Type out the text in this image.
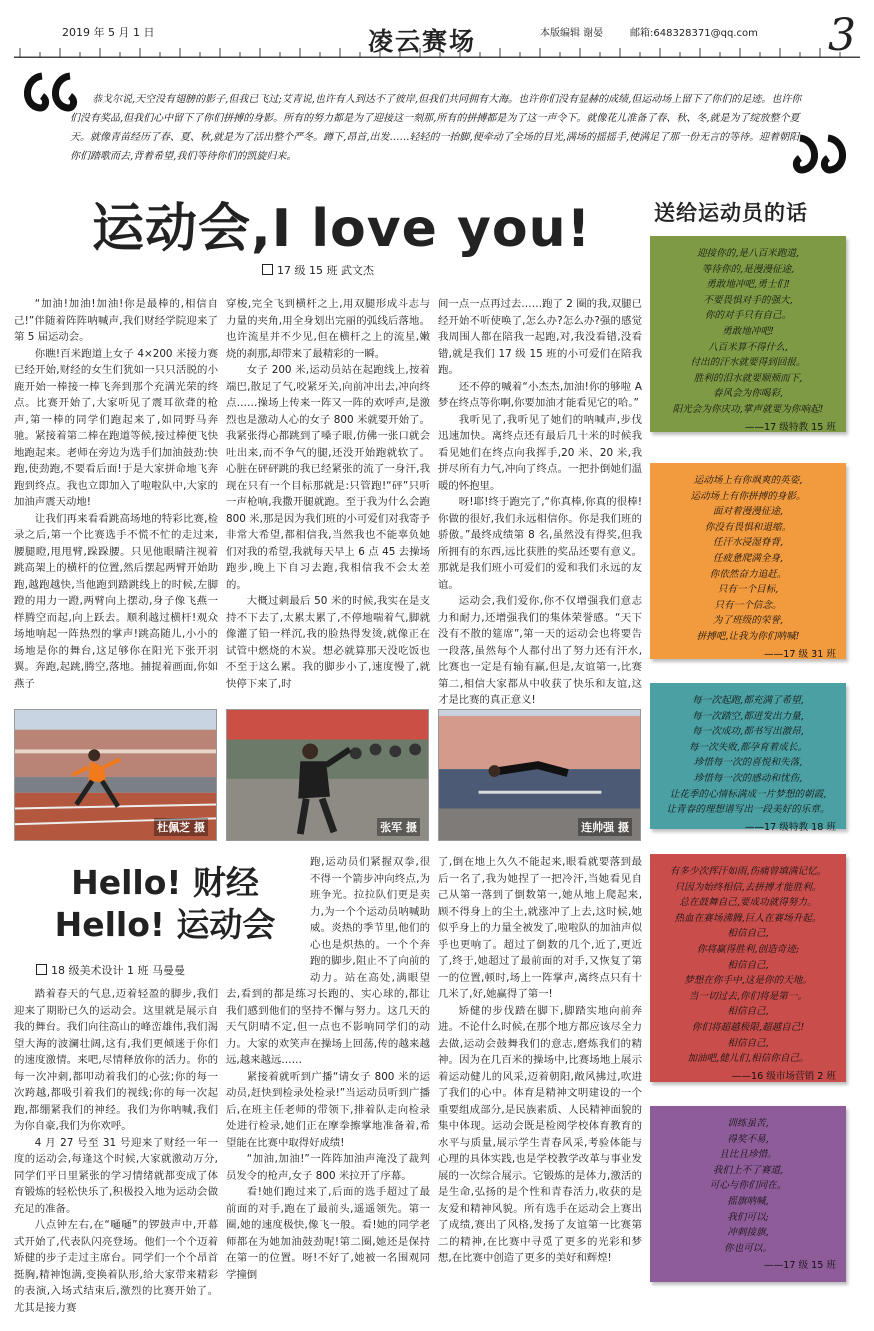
2019 年 5 月 1 日	凌云赛场	本版编辑 谢晏	邮箱:648328371@qq.com 3
恭戈尔说,天空没有翅膀的影子,但我已飞过;艾青说,也许有人到达不了彼岸,但我们共同拥有大海。也许你们没有显赫的成绩,但运动场上留下了你们的足迹。也许你们没有奖品,但我们心中留下了你们拼搏的身影。所有的努力都是为了迎接这一刻那,所有的拼搏都是为了这一声令下。就像花儿准备了春、秋、冬,就是为了绽放整个夏天。就像青苗经历了春、夏、秋,就是为了活出整个严冬。蹲下,昂首,出发……轻轻的一抬脚,便牵动了全场的目光,满场的摇摇手,使满足了那一份无言的等待。迎着朝阳,你们踏歌而去,背着希望,我们等待你们的凯旋归来。
运动会,I love you!
17 级 15 班 武文杰

“加油!加油!加油!你是最棒的,相信自己!”伴随着阵阵呐喊声,我们财经学院迎来了第 5 届运动会。

你瞧!百米跑道上女子 4×200 米接力赛已经开始,财经的女生们犹如一只只活脱的小鹿开始一棒接一棒飞奔到那个充满光荣的终点。比赛开始了,大家听见了震耳欲聋的枪声,第一棒的同学们跑起来了,如同野马奔驰。紧接着第二棒在跑道等候,接过棒便飞快地跑起来。老师在旁边为选手们加油鼓劲:快跑,使劲跑,不要看后面!于是大家拼命地飞奔跑到终点。我也立即加入了啦啦队中,大家的加油声震天动地!

让我们再来看看跳高场地的特彩比赛,检录之后,第一个比赛选手不慌不忙的走过来,腰腿瞪,甩甩臂,跺跺腰。只见他眼睛注视着跳高架上的横杆的位置,然后摆起两臂开始助跑,越跑越快,当他跑到踏跳线上的时候,左脚蹬的用力一蹬,两臂向上摆动,身子像飞燕一样腾空而起,向上跃去。顺利越过横杆!观众场地响起一阵热烈的掌声!跳高随儿,小小的场地是你的舞台,这足够你在阳光下张开羽翼。奔跑,起跳,腾空,落地。捕捉着画面,你如燕子

穿梭,完全飞到横杆之上,用双腿形成斗志与力量的夹角,用全身划出完丽的弧线后落地。也许流星并不少见,但在横杆之上的流星,嫩烧的刹那,却带来了最精彩的一瞬。

女子 200 米,运动员站在起跑线上,按着端巴,散足了气,咬紧牙关,向前冲出去,冲向终点……操场上传来一阵又一阵的欢呼声,是激烈也是激动人心的女子 800 米就要开始了。我紧张得心都跳到了嗓子眼,仿佛一张口就会吐出来,而不争气的腿,还没开始跑就软了。心脏在砰砰跳的我已经紧张的流了一身汗,我现在只有一个目标那就是:只管跑!“砰”只听一声枪响,我撒开腿就跑。至于我为什么会跑 800 米,那是因为我们班的小可爱们对我寄予非常大希望,都相信我,当然我也不能辜负她们对我的希望,我就每天早上 6 点 45 去操场跑步,晚上下自习去跑,我相信我不会太差的。

大概过刺最后 50 米的时候,我实在是支持不下去了,太累太累了,不停地喘着气,脚就像灌了铅一样沉,我的脸热得发烫,就像正在试管中燃烧的木炭。想必就算那天没吃饭也不至于这么累。我的脚步小了,速度慢了,就快停下来了,时

间一点一点再过去……跑了 2 圈的我,双腿已经开始不听使唤了,怎么办?怎么办?强的感觉我周围人都在陪我一起跑,对,我没看错,没看错,就是我们 17 级 15 班的小可爱们在陪我跑。

还不停的喊着“小杰杰,加油!你的够啦 A 梦在终点等你啊,你要加油才能看见它的哈。”

我听见了,我听见了她们的呐喊声,步伐迅速加快。离终点还有最后几十米的时候我看见她们在终点向我挥手,20 米、20 米,我拼尽所有力气,冲向了终点。一把扑倒她们温暖的怀抱里。

呀!耶!终于跑完了,“你真棒,你真的很棒!你做的很好,我们永远相信你。你是我们班的骄傲。”最终成绩第 8 名,虽然没有得奖,但我所拥有的东西,远比获胜的奖品还要有意义。那就是我们班小可爱们的爱和我们永远的友谊。

运动会,我们爱你,你不仅增强我们意志力和耐力,还增强我们的集体荣誉感。“天下没有不散的筵席”,第一天的运动会也将要告一段落,虽然每个人都付出了努力还有汗水,比赛也一定是有输有赢,但是,友谊第一,比赛第二,相信大家都从中收获了快乐和友谊,这才是比赛的真正意义!

杜佩芝 摄	张军 摄	连帅强 摄
Hello! 财经
Hello! 运动会
18 级美术设计 1 班 马曼曼

踏着春天的气息,迈着轻盈的脚步,我们迎来了期盼已久的运动会。这里就是展示自我的舞台。我们向往高山的峰峦雄伟,我们渴望大海的波澜壮阔,这有,我们更倾迷于你们的速度激情。来吧,尽情释放你的活力。你的每一次冲刺,都叩动着我们的心弦;你的每一次跨越,都吸引着我们的视线;你的每一次起跑,都绷紧我们的神经。我们为你呐喊,我们为你自豪,我们为你欢呼。

4 月 27 号至 31 号迎来了财经一年一度的运动会,每逢这个时候,大家就激动万分,同学们平日里紧张的学习情绪就都变成了体育锻炼的轻松快乐了,积极投入地为运动会做充足的准备。

八点钟左右,在“嗵嗵”的锣鼓声中,开幕式开始了,代表队闪亮登场。他们一个个迈着矫健的步子走过主席台。同学们一个个昂首挺胸,精神饱满,变换着队形,给大家带来精彩的表演,入场式结束后,激烈的比赛开始了。尤其是接力赛

跑,运动员们紧握双拳,很不得一个箭步冲向终点,为班争光。拉拉队们更是卖力,为一个个运动员呐喊助威。炎热的季节里,他们的心也是炽热的。一个个奔跑的脚步,阻止不了向前的动力。站在高处,满眼望去,看到的都是练习长跑的、实心球的,都让我们感到他们的坚持不懈与努力。这几天的天气阴晴不定,但一点也不影响同学们的动力。大家的欢笑声在操场上回荡,传的越来越远,越来越远……

紧接着就听到广播“请女子 800 米的运动员,赶快到检录处检录!”当运动员听到广播后,在班主任老师的带领下,排着队走向检录处进行检录,她们正在摩拳擦掌地准备着,希望能在比赛中取得好成绩!

“加油,加油!”一阵阵加油声淹没了裁判员发令的枪声,女子 800 米拉开了序幕。

看!她们跑过来了,后面的选手超过了最前面的对手,跑在了最前头,遥遥领先。第一圈,她的速度极快,像飞一般。看!她的同学老师都在为她加油鼓劲呢!第二圈,她还是保持在第一的位置。呀!不好了,她被一名围观同学撞倒

了,倒在地上久久不能起来,眼看就要落到最后一名了,我为她捏了一把冷汗,当她看见自己从第一落到了倒数第一,她从地上爬起来,顾不得身上的尘土,就涨冲了上去,这时候,她似乎身上的力量全被发了,啦啦队的加油声似乎也更响了。超过了倒数的几个,近了,更近了,终于,她超过了最前面的对手,又恢复了第一的位置,顿时,场上一阵掌声,离终点只有十几米了,好,她赢得了第一!

矫健的步伐踏在脚下,脚踏实地向前奔进。不论什么时候,在那个地方都应该尽全力去做,运动会鼓舞我们的意志,磨炼我们的精神。因为在几百米的操场中,比赛场地上展示着运动健儿的风采,迈着朝阳,敞风拂过,吹进了我们的心中。体育是精神文明建设的一个重要组成部分,是民族素质、人民精神面貌的集中体现。运动会既是检阅学校体育教育的水平与质量,展示学生青春风采,考验体能与心理的具体实践,也是学校教学改革与事业发展的一次综合展示。它锻炼的是体力,激活的是生命,弘扬的是个性和青春活力,收获的是友爱和精神风貌。所有选手在运动会上赛出了成绩,赛出了风格,发扬了友谊第一比赛第二的精神,在比赛中寻觅了更多的光彩和梦想,在比赛中创造了更多的美好和辉煌!

送给运动员的话
迎接你的,是八百米跑道,
等待你的,是漫漫征途,
勇敢地冲吧,勇士们!
不要畏惧对手的强大,
你的对手只有自己。
勇敢地冲吧!
八百米算不得什么,
付出的汗水就要得到回报。
胜利的泪水就要顺颊而下,
春风会为你喝彩,
阳光会为你庆功,掌声就要为你响起!
——17 级特教 15 班
运动场上有你飒爽的英姿,
运动场上有你拼搏的身影。
面对着漫漫征途,
你没有畏惧和退缩。
任汗水浸湿脊背,
任疲惫爬满全身,
你依然奋力追赶。
只有一个目标,
只有一个信念。
为了班级的荣誉,
拼搏吧,让我为你们呐喊!
——17 级 31 班
每一次起跑,都充满了希望,
每一次踏空,都迸发出力量,
每一次成功,都书写出激昂,
每一次失败,都孕育着成长。
珍惜每一次的喜悦和失落,
珍惜每一次的感动和忧伤,
让花季的心情标满成一片梦想的朝霞,
让青春的理想谱写出一段美好的乐章。
——17 级特教 18 班
有多少次挥汗如雨,伤痛曾填满记忆。
只因为始终相信,去拼搏才能胜利。
总在鼓舞自己,要成功就得努力。
热血在赛场沸腾,巨人在赛场升起。
相信自己,
你将赢得胜利,创造奇迹;
相信自己,
梦想在你手中,这是你的天地。
当一切过去,你们将是第一。
相信自己,
你们将超越极限,超越自己!
相信自己,
加油吧,健儿们,相信你自己。
——16 级市场营销 2 班
训练虽苦,
得奖不易,
且比且珍惜。
我们上不了赛道,
可心与你们同在。
摇旗呐喊,
我们可以;
冲刺接旗,
你也可以。
——17 级 15 班
